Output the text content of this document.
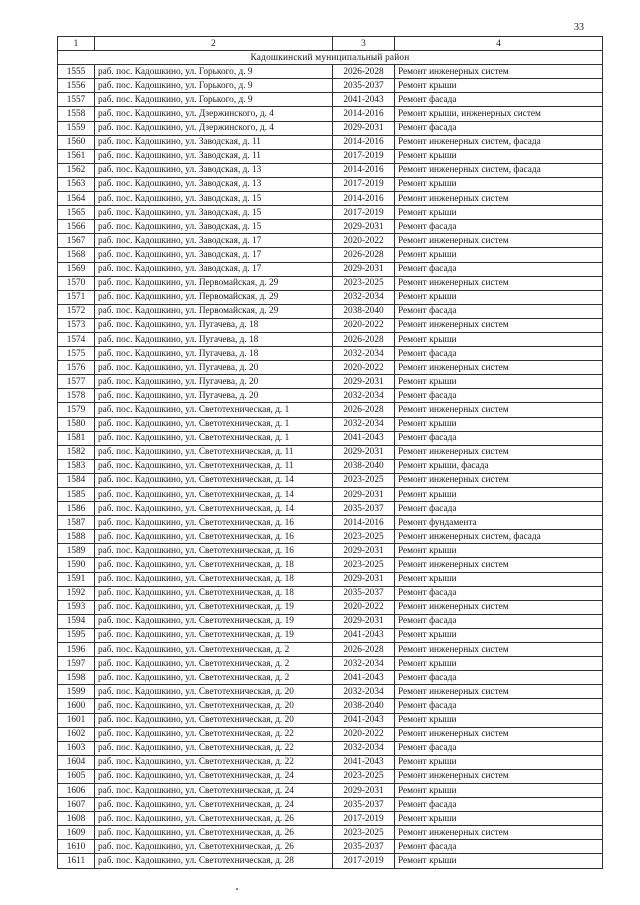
33
1	2	3	4
Кадошкинский муниципальный район			
1555	раб. пос. Кадошкино, ул. Горького, д. 9	2026-2028	Ремонт инженерных систем
1556	раб. пос. Кадошкино, ул. Горького, д. 9	2035-2037	Ремонт крыши
1557	раб. пос. Кадошкино, ул. Горького, д. 9	2041-2043	Ремонт фасада
1558	раб. пос. Кадошкино, ул. Дзержинского, д. 4	2014-2016	Ремонт крыши, инженерных систем
1559	раб. пос. Кадошкино, ул. Дзержинского, д. 4	2029-2031	Ремонт фасада
1560	раб. пос. Кадошкино, ул. Заводская, д. 11	2014-2016	Ремонт инженерных систем, фасада
1561	раб. пос. Кадошкино, ул. Заводская, д. 11	2017-2019	Ремонт крыши
1562	раб. пос. Кадошкино, ул. Заводская, д. 13	2014-2016	Ремонт инженерных систем, фасада
1563	раб. пос. Кадошкино, ул. Заводская, д. 13	2017-2019	Ремонт крыши
1564	раб. пос. Кадошкино, ул. Заводская, д. 15	2014-2016	Ремонт инженерных систем
1565	раб. пос. Кадошкино, ул. Заводская, д. 15	2017-2019	Ремонт крыши
1566	раб. пос. Кадошкино, ул. Заводская, д. 15	2029-2031	Ремонт фасада
1567	раб. пос. Кадошкино, ул. Заводская, д. 17	2020-2022	Ремонт инженерных систем
1568	раб. пос. Кадошкино, ул. Заводская, д. 17	2026-2028	Ремонт крыши
1569	раб. пос. Кадошкино, ул. Заводская, д. 17	2029-2031	Ремонт фасада
1570	раб. пос. Кадошкино, ул. Первомайская, д. 29	2023-2025	Ремонт инженерных систем
1571	раб. пос. Кадошкино, ул. Первомайская, д. 29	2032-2034	Ремонт крыши
1572	раб. пос. Кадошкино, ул. Первомайская, д. 29	2038-2040	Ремонт фасада
1573	раб. пос. Кадошкино, ул. Пугачева, д. 18	2020-2022	Ремонт инженерных систем
1574	раб. пос. Кадошкино, ул. Пугачева, д. 18	2026-2028	Ремонт крыши
1575	раб. пос. Кадошкино, ул. Пугачева, д. 18	2032-2034	Ремонт фасада
1576	раб. пос. Кадошкино, ул. Пугачева, д. 20	2020-2022	Ремонт инженерных систем
1577	раб. пос. Кадошкино, ул. Пугачева, д. 20	2029-2031	Ремонт крыши
1578	раб. пос. Кадошкино, ул. Пугачева, д. 20	2032-2034	Ремонт фасада
1579	раб. пос. Кадошкино, ул. Светотехническая, д. 1	2026-2028	Ремонт инженерных систем
1580	раб. пос. Кадошкино, ул. Светотехническая, д. 1	2032-2034	Ремонт крыши
1581	раб. пос. Кадошкино, ул. Светотехническая, д. 1	2041-2043	Ремонт фасада
1582	раб. пос. Кадошкино, ул. Светотехническая, д. 11	2029-2031	Ремонт инженерных систем
1583	раб. пос. Кадошкино, ул. Светотехническая, д. 11	2038-2040	Ремонт крыши, фасада
1584	раб. пос. Кадошкино, ул. Светотехническая, д. 14	2023-2025	Ремонт инженерных систем
1585	раб. пос. Кадошкино, ул. Светотехническая, д. 14	2029-2031	Ремонт крыши
1586	раб. пос. Кадошкино, ул. Светотехническая, д. 14	2035-2037	Ремонт фасада
1587	раб. пос. Кадошкино, ул. Светотехническая, д. 16	2014-2016	Ремонт фундамента
1588	раб. пос. Кадошкино, ул. Светотехническая, д. 16	2023-2025	Ремонт инженерных систем, фасада
1589	раб. пос. Кадошкино, ул. Светотехническая, д. 16	2029-2031	Ремонт крыши
1590	раб. пос. Кадошкино, ул. Светотехническая, д. 18	2023-2025	Ремонт инженерных систем
1591	раб. пос. Кадошкино, ул. Светотехническая, д. 18	2029-2031	Ремонт крыши
1592	раб. пос. Кадошкино, ул. Светотехническая, д. 18	2035-2037	Ремонт фасада
1593	раб. пос. Кадошкино, ул. Светотехническая, д. 19	2020-2022	Ремонт инженерных систем
1594	раб. пос. Кадошкино, ул. Светотехническая, д. 19	2029-2031	Ремонт фасада
1595	раб. пос. Кадошкино, ул. Светотехническая, д. 19	2041-2043	Ремонт крыши
1596	раб. пос. Кадошкино, ул. Светотехническая, д. 2	2026-2028	Ремонт инженерных систем
1597	раб. пос. Кадошкино, ул. Светотехническая, д. 2	2032-2034	Ремонт крыши
1598	раб. пос. Кадошкино, ул. Светотехническая, д. 2	2041-2043	Ремонт фасада
1599	раб. пос. Кадошкино, ул. Светотехническая, д. 20	2032-2034	Ремонт инженерных систем
1600	раб. пос. Кадошкино, ул. Светотехническая, д. 20	2038-2040	Ремонт фасада
1601	раб. пос. Кадошкино, ул. Светотехническая, д. 20	2041-2043	Ремонт крыши
1602	раб. пос. Кадошкино, ул. Светотехническая, д. 22	2020-2022	Ремонт инженерных систем
1603	раб. пос. Кадошкино, ул. Светотехническая, д. 22	2032-2034	Ремонт фасада
1604	раб. пос. Кадошкино, ул. Светотехническая, д. 22	2041-2043	Ремонт крыши
1605	раб. пос. Кадошкино, ул. Светотехническая, д. 24	2023-2025	Ремонт инженерных систем
1606	раб. пос. Кадошкино, ул. Светотехническая, д. 24	2029-2031	Ремонт крыши
1607	раб. пос. Кадошкино, ул. Светотехническая, д. 24	2035-2037	Ремонт фасада
1608	раб. пос. Кадошкино, ул. Светотехническая, д. 26	2017-2019	Ремонт крыши
1609	раб. пос. Кадошкино, ул. Светотехническая, д. 26	2023-2025	Ремонт инженерных систем
1610	раб. пос. Кадошкино, ул. Светотехническая, д. 26	2035-2037	Ремонт фасада
1611	раб. пос. Кадошкино, ул. Светотехническая, д. 28	2017-2019	Ремонт крыши
